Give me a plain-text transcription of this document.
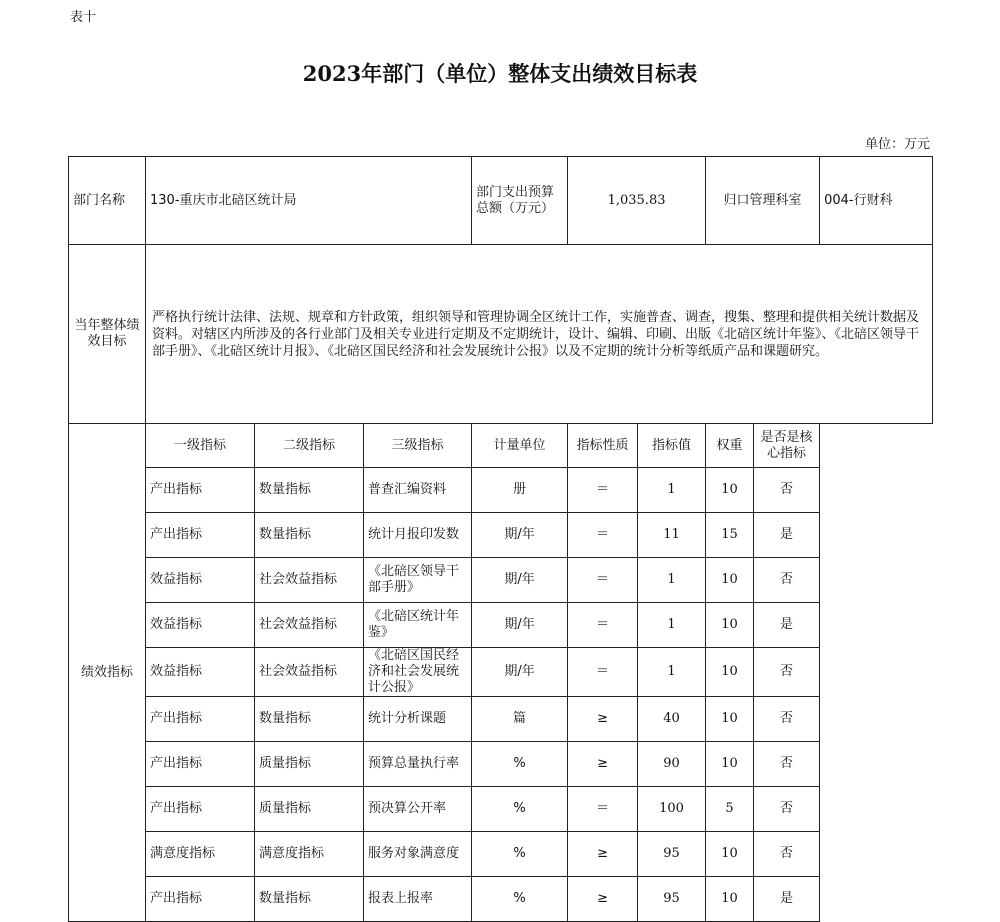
表十
2023年部门（单位）整体支出绩效目标表
单位：万元
部门名称	130-重庆市北碚区统计局			部门支出预算总额（万元）	1,035.83		归口管理科室		004-行财科
当年整体绩效目标	严格执行统计法律、法规、规章和方针政策，组织领导和管理协调全区统计工作，实施普查、调查，搜集、整理和提供相关统计数据及资料。对辖区内所涉及的各行业部门及相关专业进行定期及不定期统计，设计、编辑、印刷、出版《北碚区统计年鉴》、《北碚区领导干部手册》、《北碚区统计月报》、《北碚区国民经济和社会发展统计公报》以及不定期的统计分析等纸质产品和课题研究。								
绩效指标	一级指标	二级指标	三级指标	计量单位	指标性质	指标值	权重	是否是核心指标	
	产出指标	数量指标	普查汇编资料	册	＝	1	10	否	
	产出指标	数量指标	统计月报印发数	期/年	＝	11	15	是	
	效益指标	社会效益指标	《北碚区领导干部手册》	期/年	＝	1	10	否	
	效益指标	社会效益指标	《北碚区统计年鉴》	期/年	＝	1	10	是	
	效益指标	社会效益指标	《北碚区国民经济和社会发展统计公报》	期/年	＝	1	10	否	
	产出指标	数量指标	统计分析课题	篇	≥	40	10	否	
	产出指标	质量指标	预算总量执行率	%	≥	90	10	否	
	产出指标	质量指标	预决算公开率	%	＝	100	5	否	
	满意度指标	满意度指标	服务对象满意度	%	≥	95	10	否	
	产出指标	数量指标	报表上报率	%	≥	95	10	是	
